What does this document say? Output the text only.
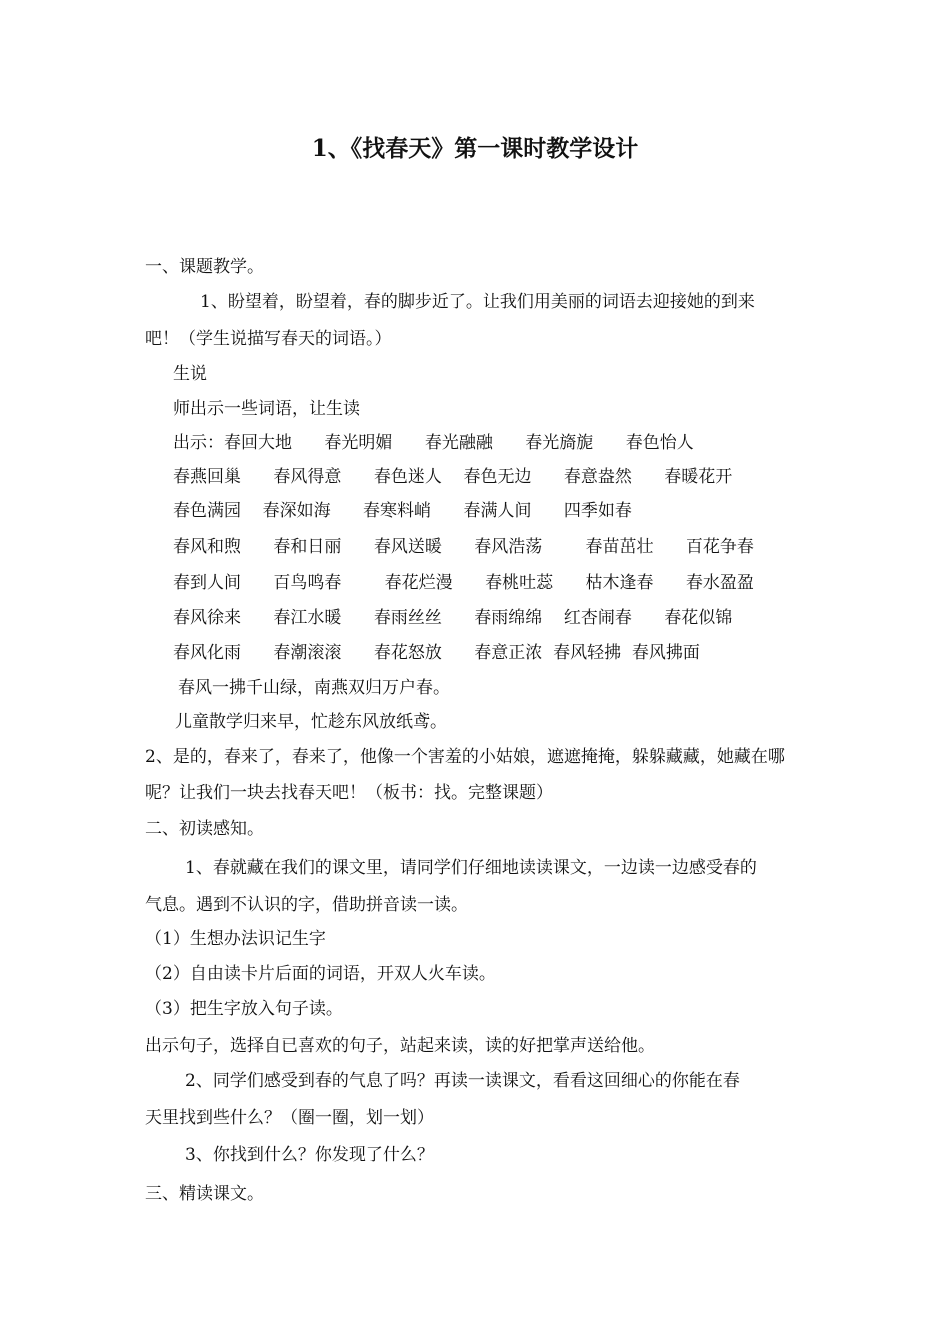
1、《找春天》第一课时教学设计
一、课题教学。
1、盼望着，盼望着，春的脚步近了。让我们用美丽的词语去迎接她的到来
吧！（学生说描写春天的词语。）
生说
师出示一些词语，让生读
出示：春回大地      春光明媚      春光融融      春光旖旎      春色怡人
春燕回巢      春风得意      春色迷人    春色无边      春意盎然      春暖花开
春色满园    春深如海      春寒料峭      春满人间      四季如春
春风和煦      春和日丽      春风送暖      春风浩荡        春苗茁壮      百花争春
春到人间      百鸟鸣春        春花烂漫      春桃吐蕊      枯木逢春      春水盈盈
春风徐来      春江水暖      春雨丝丝      春雨绵绵    红杏闹春      春花似锦
春风化雨      春潮滚滚      春花怒放      春意正浓  春风轻拂  春风拂面
春风一拂千山绿，南燕双归万户春。
儿童散学归来早，忙趁东风放纸鸢。
2、是的，春来了，春来了，他像一个害羞的小姑娘，遮遮掩掩，躲躲藏藏，她藏在哪
呢？让我们一块去找春天吧！（板书：找。完整课题）
二、初读感知。
1、春就藏在我们的课文里，请同学们仔细地读读课文，一边读一边感受春的
气息。遇到不认识的字，借助拼音读一读。
（1）生想办法识记生字
（2）自由读卡片后面的词语，开双人火车读。
（3）把生字放入句子读。
出示句子，选择自已喜欢的句子，站起来读，读的好把掌声送给他。
2、同学们感受到春的气息了吗？再读一读课文，看看这回细心的你能在春
天里找到些什么？（圈一圈，划一划）
3、你找到什么？你发现了什么？
三、精读课文。
